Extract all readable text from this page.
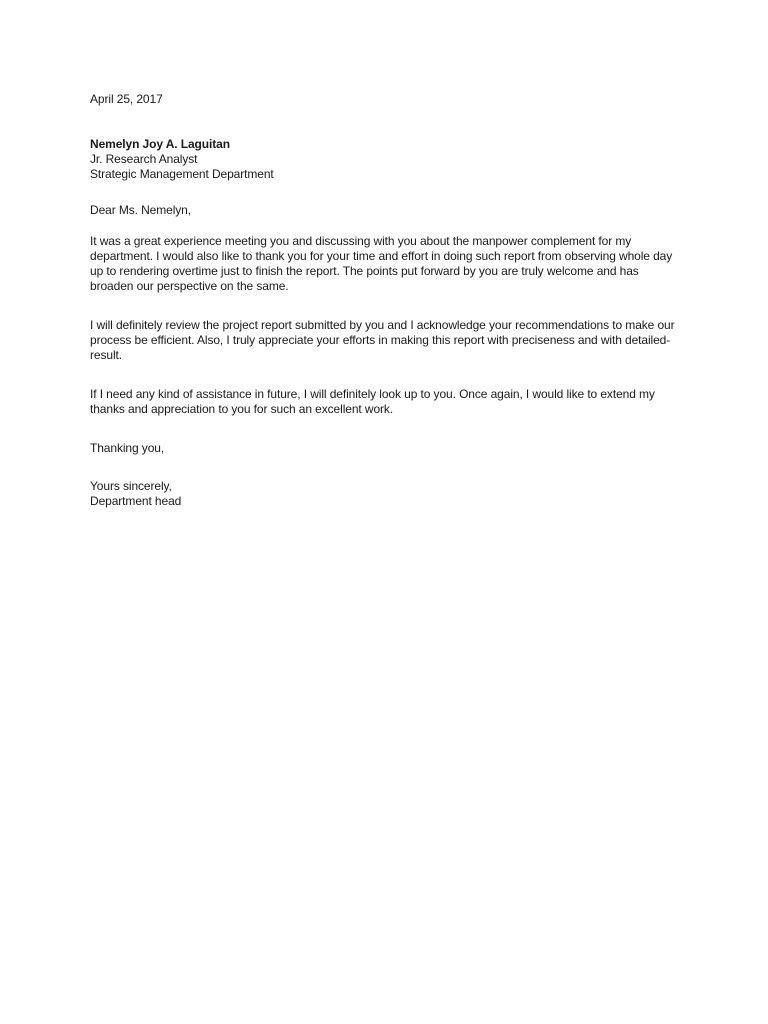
April 25, 2017
Nemelyn Joy A. Laguitan
Jr. Research Analyst
Strategic Management Department
Dear Ms. Nemelyn,

It was a great experience meeting you and discussing with you about the manpower complement for my department. I would also like to thank you for your time and effort in doing such report from observing whole day up to rendering overtime just to finish the report. The points put forward by you are truly welcome and has broaden our perspective on the same.

I will definitely review the project report submitted by you and I acknowledge your recommendations to make our process be efficient. Also, I truly appreciate your efforts in making this report with preciseness and with detailed-result.

If I need any kind of assistance in future, I will definitely look up to you. Once again, I would like to extend my thanks and appreciation to you for such an excellent work.

Thanking you,
Yours sincerely,
Department head
